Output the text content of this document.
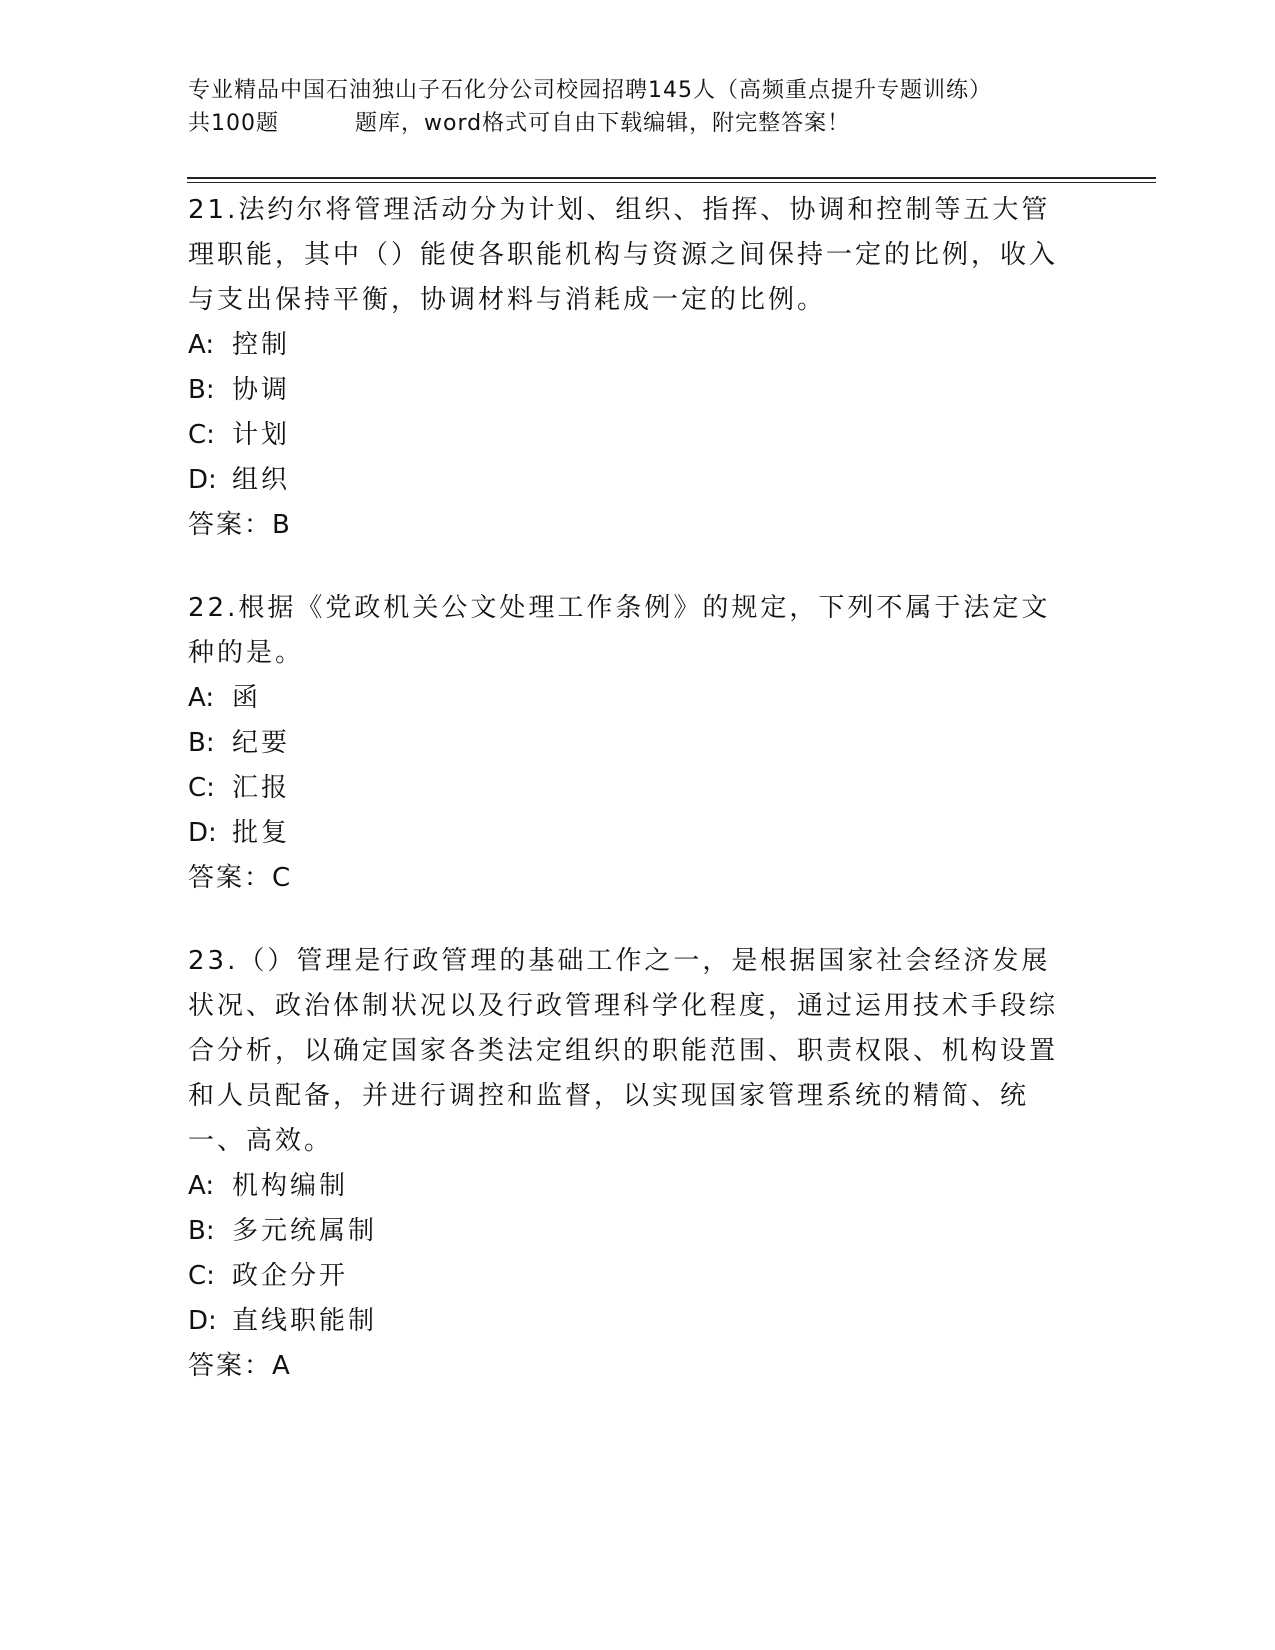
专业精品中国石油独山子石化分公司校园招聘145人（高频重点提升专题训练）
共100题	题库，word格式可自由下载编辑，附完整答案！
21.法约尔将管理活动分为计划、组织、指挥、协调和控制等五大管理职能，其中（）能使各职能机构与资源之间保持一定的比例，收入与支出保持平衡，协调材料与消耗成一定的比例。
A: 控制
B: 协调
C: 计划
D: 组织
答案：B
22.根据《党政机关公文处理工作条例》的规定，下列不属于法定文种的是。
A: 函
B: 纪要
C: 汇报
D: 批复
答案：C
23.（）管理是行政管理的基础工作之一，是根据国家社会经济发展状况、政治体制状况以及行政管理科学化程度，通过运用技术手段综合分析，以确定国家各类法定组织的职能范围、职责权限、机构设置和人员配备，并进行调控和监督，以实现国家管理系统的精简、统一、高效。
A: 机构编制
B: 多元统属制
C: 政企分开
D: 直线职能制
答案：A
